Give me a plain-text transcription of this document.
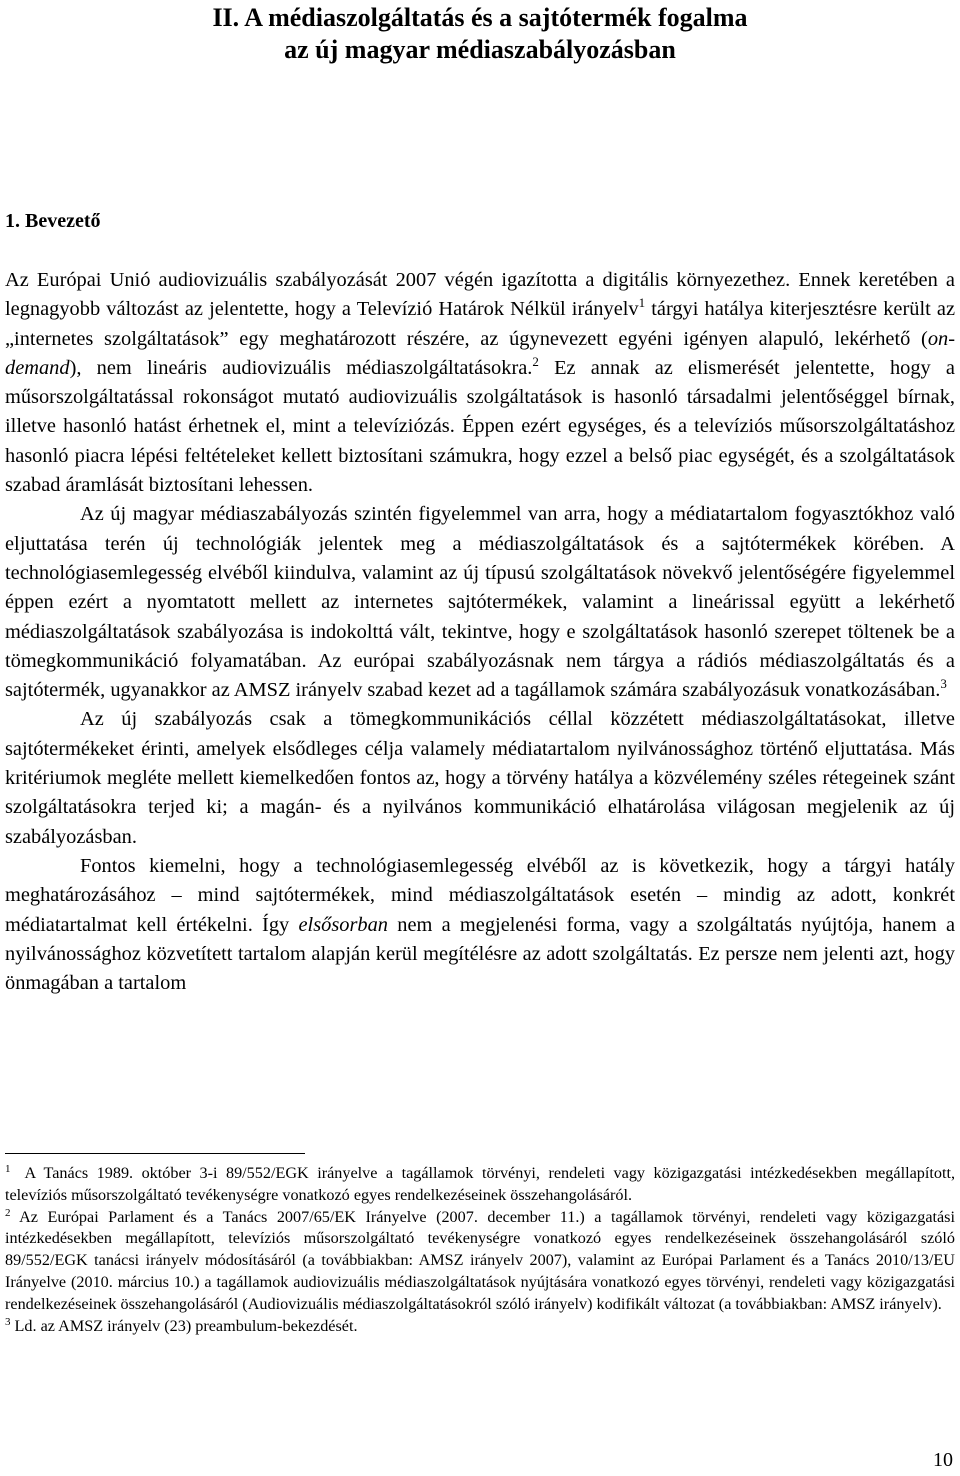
II. A médiaszolgáltatás és a sajtótermék fogalma
az új magyar médiaszabályozásban
1. Bevezető

Az Európai Unió audiovizuális szabályozását 2007 végén igazította a digitális környezethez. Ennek keretében a legnagyobb változást az jelentette, hogy a Televízió Határok Nélkül irányelv$^1$ tárgyi hatálya kiterjesztésre került az „internetes szolgáltatások” egy meghatározott részére, az úgynevezett egyéni igényen alapuló, lekérhető (on-demand), nem lineáris audiovizuális médiaszolgáltatásokra.$^2$ Ez annak az elismerését jelentette, hogy a műsorszolgáltatással rokonságot mutató audiovizuális szolgáltatások is hasonló társadalmi jelentőséggel bírnak, illetve hasonló hatást érhetnek el, mint a televíziózás. Éppen ezért egységes, és a televíziós műsorszolgáltatáshoz hasonló piacra lépési feltételeket kellett biztosítani számukra, hogy ezzel a belső piac egységét, és a szolgáltatások szabad áramlását biztosítani lehessen.

Az új magyar médiaszabályozás szintén figyelemmel van arra, hogy a médiatartalom fogyasztókhoz való eljuttatása terén új technológiák jelentek meg a médiaszolgáltatások és a sajtótermékek körében. A technológiasemlegesség elvéből kiindulva, valamint az új típusú szolgáltatások növekvő jelentőségére figyelemmel éppen ezért a nyomtatott mellett az internetes sajtótermékek, valamint a lineárissal együtt a lekérhető médiaszolgáltatások szabályozása is indokolttá vált, tekintve, hogy e szolgáltatások hasonló szerepet töltenek be a tömegkommunikáció folyamatában. Az európai szabályozásnak nem tárgya a rádiós médiaszolgáltatás és a sajtótermék, ugyanakkor az AMSZ irányelv szabad kezet ad a tagállamok számára szabályozásuk vonatkozásában.$^3$

Az új szabályozás csak a tömegkommunikációs céllal közzétett médiaszolgáltatásokat, illetve sajtótermékeket érinti, amelyek elsődleges célja valamely médiatartalom nyilvánossághoz történő eljuttatása. Más kritériumok megléte mellett kiemelkedően fontos az, hogy a törvény hatálya a közvélemény széles rétegeinek szánt szolgáltatásokra terjed ki; a magán- és a nyilvános kommunikáció elhatárolása világosan megjelenik az új szabályozásban.

Fontos kiemelni, hogy a technológiasemlegesség elvéből az is következik, hogy a tárgyi hatály meghatározásához – mind sajtótermékek, mind médiaszolgáltatások esetén – mindig az adott, konkrét médiatartalmat kell értékelni. Így elsősorban nem a megjelenési forma, vagy a szolgáltatás nyújtója, hanem a nyilvánossághoz közvetített tartalom alapján kerül megítélésre az adott szolgáltatás. Ez persze nem jelenti azt, hogy önmagában a tartalom

$^1$ A Tanács 1989. október 3-i 89/552/EGK irányelve a tagállamok törvényi, rendeleti vagy közigazgatási intézkedésekben megállapított, televíziós műsorszolgáltató tevékenységre vonatkozó egyes rendelkezéseinek összehangolásáról.

$^2$ Az Európai Parlament és a Tanács 2007/65/EK Irányelve (2007. december 11.) a tagállamok törvényi, rendeleti vagy közigazgatási intézkedésekben megállapított, televíziós műsorszolgáltató tevékenységre vonatkozó egyes rendelkezéseinek összehangolásáról szóló 89/552/EGK tanácsi irányelv módosításáról (a továbbiakban: AMSZ irányelv 2007), valamint az Európai Parlament és a Tanács 2010/13/EU Irányelve (2010. március 10.) a tagállamok audiovizuális médiaszolgáltatások nyújtására vonatkozó egyes törvényi, rendeleti vagy közigazgatási rendelkezéseinek összehangolásáról (Audiovizuális médiaszolgáltatásokról szóló irányelv) kodifikált változat (a továbbiakban: AMSZ irányelv).

$^3$ Ld. az AMSZ irányelv (23) preambulum-bekezdését.

10
